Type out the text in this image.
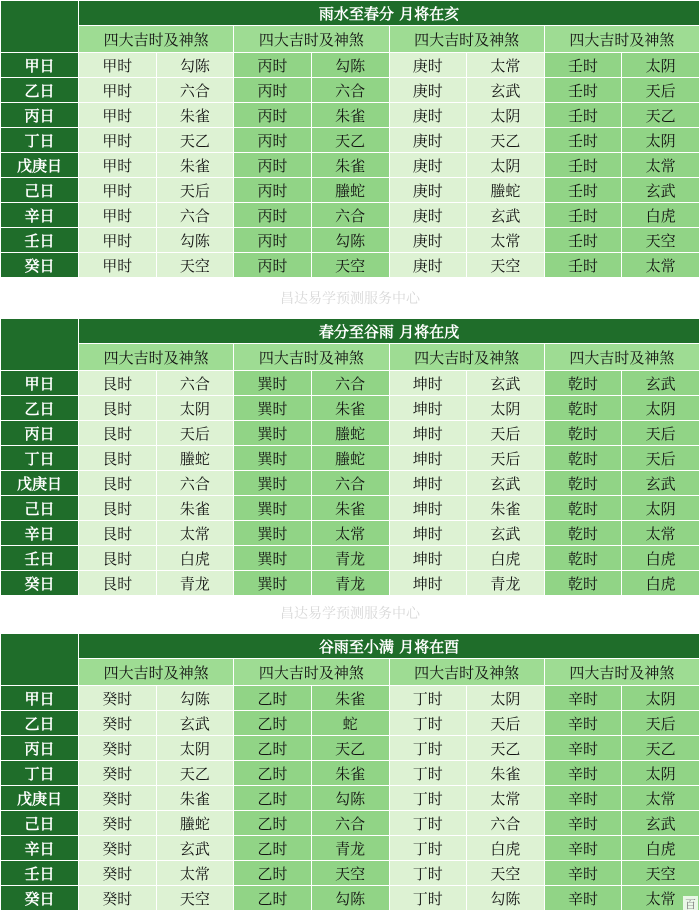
	雨水至春分 月将在亥							
	四大吉时及神煞		四大吉时及神煞		四大吉时及神煞		四大吉时及神煞	
甲日	甲时	勾陈	丙时	勾陈	庚时	太常	壬时	太阴
乙日	甲时	六合	丙时	六合	庚时	玄武	壬时	天后
丙日	甲时	朱雀	丙时	朱雀	庚时	太阴	壬时	天乙
丁日	甲时	天乙	丙时	天乙	庚时	天乙	壬时	太阴
戊庚日	甲时	朱雀	丙时	朱雀	庚时	太阴	壬时	太常
己日	甲时	天后	丙时	螣蛇	庚时	螣蛇	壬时	玄武
辛日	甲时	六合	丙时	六合	庚时	玄武	壬时	白虎
壬日	甲时	勾陈	丙时	勾陈	庚时	太常	壬时	天空
癸日	甲时	天空	丙时	天空	庚时	天空	壬时	太常
昌达易学预测服务中心
	春分至谷雨 月将在戌							
	四大吉时及神煞		四大吉时及神煞		四大吉时及神煞		四大吉时及神煞	
甲日	艮时	六合	巽时	六合	坤时	玄武	乾时	玄武
乙日	艮时	太阴	巽时	朱雀	坤时	太阴	乾时	太阴
丙日	艮时	天后	巽时	螣蛇	坤时	天后	乾时	天后
丁日	艮时	螣蛇	巽时	螣蛇	坤时	天后	乾时	天后
戊庚日	艮时	六合	巽时	六合	坤时	玄武	乾时	玄武
己日	艮时	朱雀	巽时	朱雀	坤时	朱雀	乾时	太阴
辛日	艮时	太常	巽时	太常	坤时	玄武	乾时	太常
壬日	艮时	白虎	巽时	青龙	坤时	白虎	乾时	白虎
癸日	艮时	青龙	巽时	青龙	坤时	青龙	乾时	白虎
昌达易学预测服务中心
	谷雨至小满 月将在酉							
	四大吉时及神煞		四大吉时及神煞		四大吉时及神煞		四大吉时及神煞	
甲日	癸时	勾陈	乙时	朱雀	丁时	太阴	辛时	太阴
乙日	癸时	玄武	乙时	蛇	丁时	天后	辛时	天后
丙日	癸时	太阴	乙时	天乙	丁时	天乙	辛时	天乙
丁日	癸时	天乙	乙时	朱雀	丁时	朱雀	辛时	太阴
戊庚日	癸时	朱雀	乙时	勾陈	丁时	太常	辛时	太常
己日	癸时	螣蛇	乙时	六合	丁时	六合	辛时	玄武
辛日	癸时	玄武	乙时	青龙	丁时	白虎	辛时	白虎
壬日	癸时	太常	乙时	天空	丁时	天空	辛时	天空
癸日	癸时	天空	乙时	勾陈	丁时	勾陈	辛时	太常 百
